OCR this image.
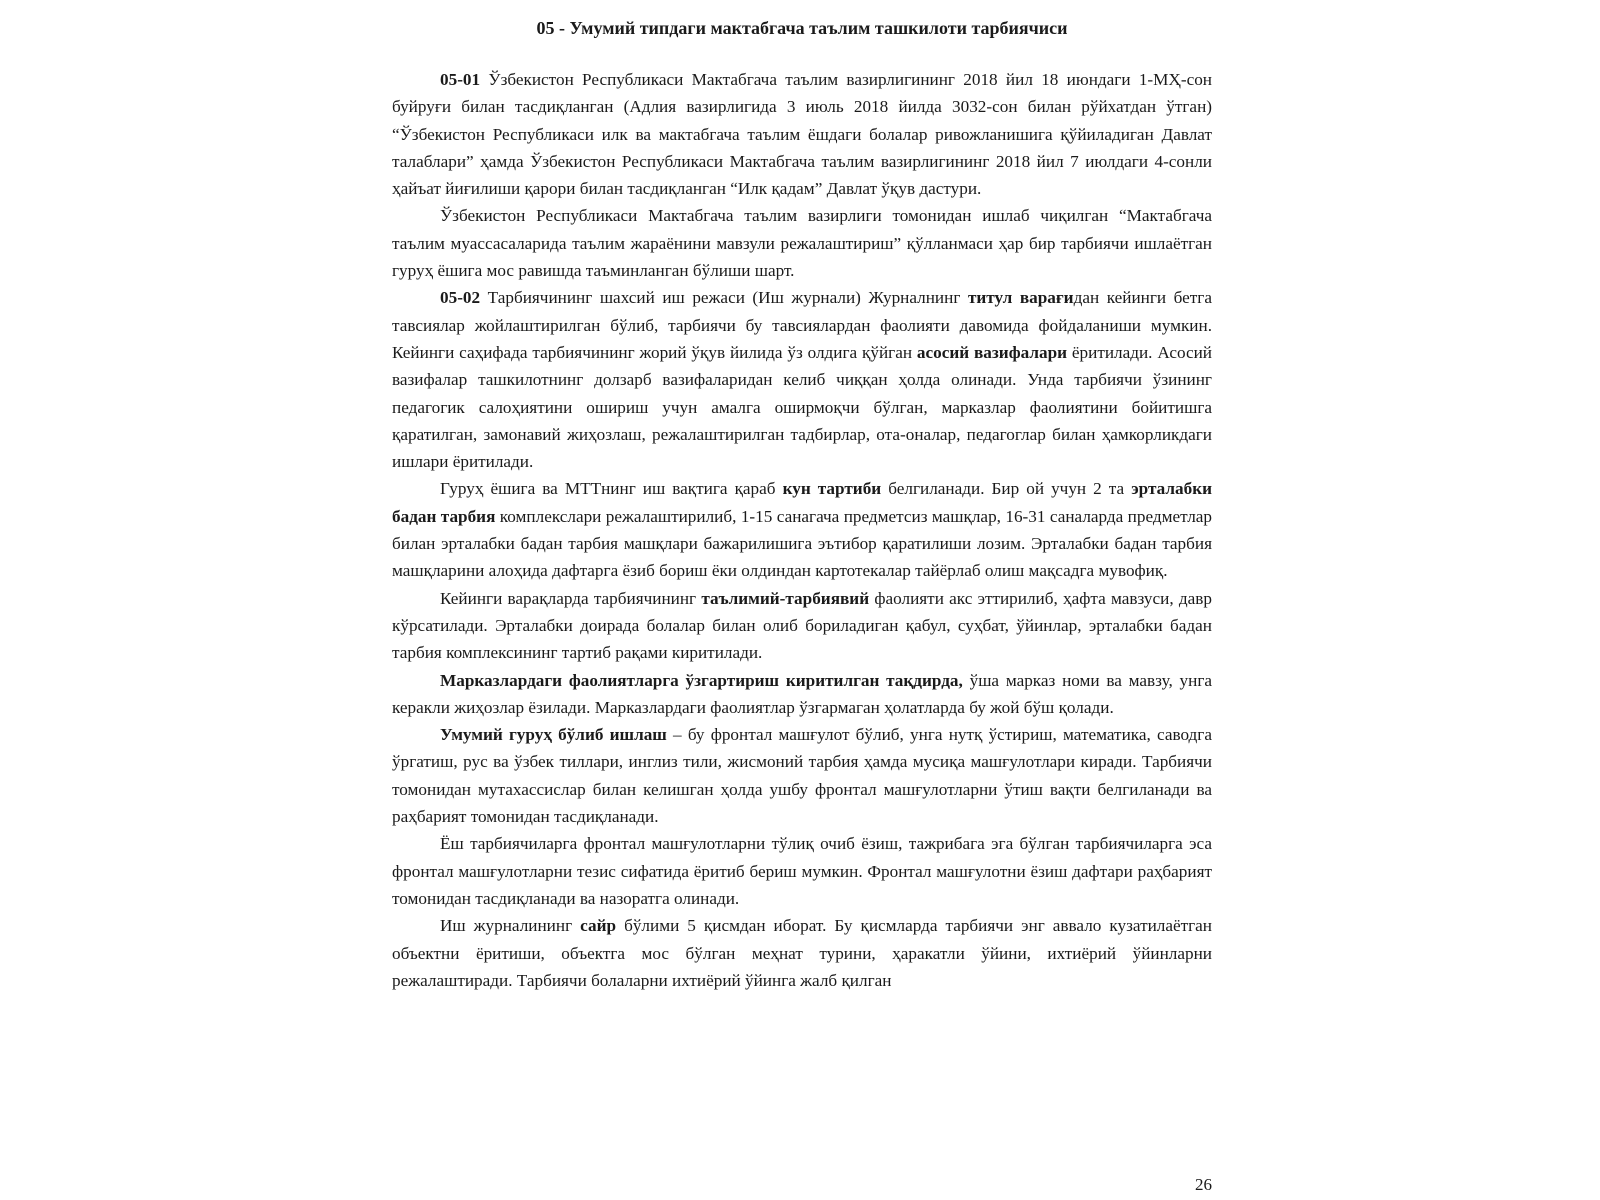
05 - Умумий типдаги мактабгача таълим ташкилоти тарбиячиси

05-01 Ўзбекистон Республикаси Мактабгача таълим вазирлигининг 2018 йил 18 июндаги 1-МҲ-сон буйруғи билан тасдиқланган (Адлия вазирлигида 3 июль 2018 йилда 3032-сон билан рўйхатдан ўтган) “Ўзбекистон Республикаси илк ва мактабгача таълим ёшдаги болалар ривожланишига қўйиладиган Давлат талаблари” ҳамда Ўзбекистон Республикаси Мактабгача таълим вазирлигининг 2018 йил 7 июлдаги 4-сонли ҳайъат йиғилиши қарори билан тасдиқланган “Илк қадам” Давлат ўқув дастури.

Ўзбекистон Республикаси Мактабгача таълим вазирлиги томонидан ишлаб чиқилган “Мактабгача таълим муассасаларида таълим жараёнини мавзули режалаштириш” қўлланмаси ҳар бир тарбиячи ишлаётган гуруҳ ёшига мос равишда таъминланган бўлиши шарт.

05-02 Тарбиячининг шахсий иш режаси (Иш журнали) Журналнинг титул варағидан кейинги бетга тавсиялар жойлаштирилган бўлиб, тарбиячи бу тавсиялардан фаолияти давомида фойдаланиши мумкин. Кейинги саҳифада тарбиячининг жорий ўқув йилида ўз олдига қўйган асосий вазифалари ёритилади. Асосий вазифалар ташкилотнинг долзарб вазифаларидан келиб чиққан ҳолда олинади. Унда тарбиячи ўзининг педагогик салоҳиятини ошириш учун амалга оширмоқчи бўлган, марказлар фаолиятини бойитишга қаратилган, замонавий жиҳозлаш, режалаштирилган тадбирлар, ота-оналар, педагоглар билан ҳамкорликдаги ишлари ёритилади.

Гуруҳ ёшига ва МТТнинг иш вақтига қараб кун тартиби белгиланади. Бир ой учун 2 та эрталабки бадан тарбия комплекслари режалаштирилиб, 1-15 санагача предметсиз машқлар, 16-31 саналарда предметлар билан эрталабки бадан тарбия машқлари бажарилишига эътибор қаратилиши лозим. Эрталабки бадан тарбия машқларини алоҳида дафтарга ёзиб бориш ёки олдиндан картотекалар тайёрлаб олиш мақсадга мувофиқ.

Кейинги варақларда тарбиячининг таълимий-тарбиявий фаолияти акс эттирилиб, ҳафта мавзуси, давр кўрсатилади. Эрталабки доирада болалар билан олиб бориладиган қабул, суҳбат, ўйинлар, эрталабки бадан тарбия комплексининг тартиб рақами киритилади.

Марказлардаги фаолиятларга ўзгартириш киритилган тақдирда, ўша марказ номи ва мавзу, унга керакли жиҳозлар ёзилади. Марказлардаги фаолиятлар ўзгармаган ҳолатларда бу жой бўш қолади.

Умумий гуруҳ бўлиб ишлаш – бу фронтал машғулот бўлиб, унга нутқ ўстириш, математика, саводга ўргатиш, рус ва ўзбек тиллари, инглиз тили, жисмоний тарбия ҳамда мусиқа машғулотлари киради. Тарбиячи томонидан мутахассислар билан келишган ҳолда ушбу фронтал машғулотларни ўтиш вақти белгиланади ва раҳбарият томонидан тасдиқланади.

Ёш тарбиячиларга фронтал машғулотларни тўлиқ очиб ёзиш, тажрибага эга бўлган тарбиячиларга эса фронтал машғулотларни тезис сифатида ёритиб бериш мумкин. Фронтал машғулотни ёзиш дафтари раҳбарият томонидан тасдиқланади ва назоратга олинади.

Иш журналининг сайр бўлими 5 қисмдан иборат. Бу қисмларда тарбиячи энг аввало кузатилаётган объектни ёритиши, объектга мос бўлган меҳнат турини, ҳаракатли ўйини, ихтиёрий ўйинларни режалаштиради. Тарбиячи болаларни ихтиёрий ўйинга жалб қилган

26
